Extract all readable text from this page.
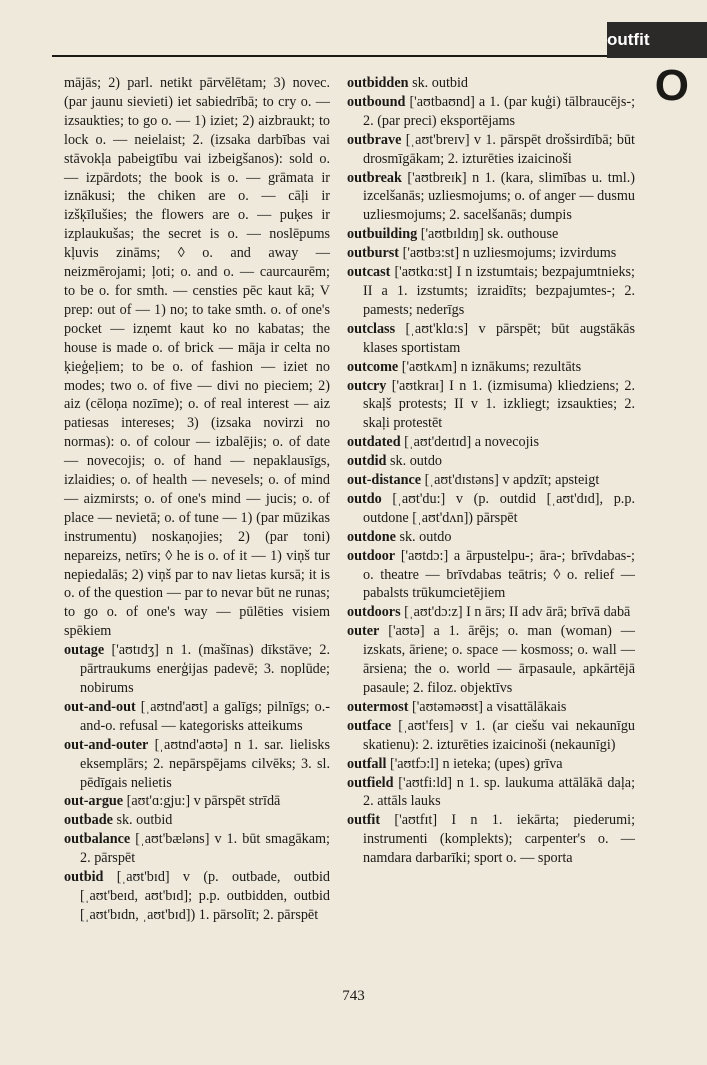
outfit
O

mājās; 2) parl. netikt pārvēlētam; 3) novec. (par jaunu sievieti) iet sabiedrībā; to cry o. — izsaukties; to go o. — 1) iziet; 2) aizbraukt; to lock o. — neielaist; 2. (izsaka darbības vai stāvokļa pabeigtību vai izbeigšanos): sold o. — izpārdots; the book is o. — grāmata ir iznākusi; the chiken are o. — cāļi ir izšķīlušies; the flowers are o. — puķes ir izplaukušas; the secret is o. — noslēpums kļuvis zināms; ◊ o. and away — neizmērojami; ļoti; o. and o. — caurcaurēm; to be o. for smth. — censties pēc kaut kā; V prep: out of — 1) no; to take smth. o. of one's pocket — izņemt kaut ko no kabatas; the house is made o. of brick — māja ir celta no ķieģeļiem; to be o. of fashion — iziet no modes; two o. of five — divi no pieciem; 2) aiz (cēloņa nozīme); o. of real interest — aiz patiesas intereses; 3) (izsaka novirzi no normas): o. of colour — izbalējis; o. of date — novecojis; o. of hand — nepaklausīgs, izlaidies; o. of health — nevesels; o. of mind — aizmirsts; o. of one's mind — jucis; o. of place — nevietā; o. of tune — 1) (par mūzikas instrumentu) noskaņojies; 2) (par toni) nepareizs, netīrs; ◊ he is o. of it — 1) viņš tur nepiedalās; 2) viņš par to nav lietas kursā; it is o. of the question — par to nevar būt ne runas; to go o. of one's way — pūlēties visiem spēkiem

outage ['aʊtɪdʒ] n 1. (mašīnas) dīkstāve; 2. pārtraukums enerģijas padevē; 3. noplūde; nobirums

out-and-out [ˌaʊtnd'aʊt] a galīgs; pilnīgs; o.-and-o. refusal — kategorisks atteikums

out-and-outer [ˌaʊtnd'aʊtə] n 1. sar. lielisks eksemplārs; 2. nepārspējams cilvēks; 3. sl. pēdīgais nelietis

out-argue [aʊt'ɑ:gju:] v pārspēt strīdā

outbade sk. outbid

outbalance [ˌaʊt'bæləns] v 1. būt smagākam; 2. pārspēt

outbid [ˌaʊt'bɪd] v (p. outbade, outbid [ˌaʊt'beɪd, aʊt'bɪd]; p.p. outbidden, outbid [ˌaʊt'bɪdn, ˌaʊt'bɪd]) 1. pārsolīt; 2. pārspēt

outbidden sk. outbid

outbound ['aʊtbaʊnd] a 1. (par kuģi) tālbraucējs-; 2. (par preci) eksportējams

outbrave [ˌaʊt'breɪv] v 1. pārspēt drošsirdībā; būt drosmīgākam; 2. izturēties izaicinoši

outbreak ['aʊtbreɪk] n 1. (kara, slimības u. tml.) izcelšanās; uzliesmojums; o. of anger — dusmu uzliesmojums; 2. sacelšanās; dumpis

outbuilding ['aʊtbɪldɪŋ] sk. outhouse

outburst ['aʊtbɜ:st] n uzliesmojums; izvirdums

outcast ['aʊtkɑ:st] I n izstumtais; bezpajumtnieks; II a 1. izstumts; izraidīts; bezpajumtes-; 2. pamests; nederīgs

outclass [ˌaʊt'klɑ:s] v pārspēt; būt augstākās klases sportistam

outcome ['aʊtkʌm] n iznākums; rezultāts

outcry ['aʊtkraɪ] I n 1. (izmisuma) kliedziens; 2. skaļš protests; II v 1. izkliegt; izsaukties; 2. skaļi protestēt

outdated [ˌaʊt'deɪtɪd] a novecojis

outdid sk. outdo

out-distance [ˌaʊt'dɪstəns] v apdzīt; apsteigt

outdo [ˌaʊt'du:] v (p. outdid [ˌaʊt'dɪd], p.p. outdone [ˌaʊt'dʌn]) pārspēt

outdone sk. outdo

outdoor ['aʊtdɔ:] a ārpustelpu-; āra-; brīvdabas-; o. theatre — brīvdabas teātris; ◊ o. relief — pabalsts trūkumcietējiem

outdoors [ˌaʊt'dɔ:z] I n ārs; II adv ārā; brīvā dabā

outer ['aʊtə] a 1. ārējs; o. man (woman) — izskats, āriene; o. space — kosmoss; o. wall — ārsiena; the o. world — ārpasaule, apkārtējā pasaule; 2. filoz. objektīvs

outermost ['aʊtəməʊst] a visattālākais

outface [ˌaʊt'feɪs] v 1. (ar ciešu vai nekaunīgu skatienu): 2. izturēties izaicinoši (nekaunīgi)

outfall ['aʊtfɔ:l] n ieteka; (upes) grīva

outfield ['aʊtfi:ld] n 1. sp. laukuma attālākā daļa; 2. attāls lauks

outfit ['aʊtfɪt] I n 1. iekārta; piederumi; instrumenti (komplekts); carpenter's o. — namdara darbarīki; sport o. — sporta

743
